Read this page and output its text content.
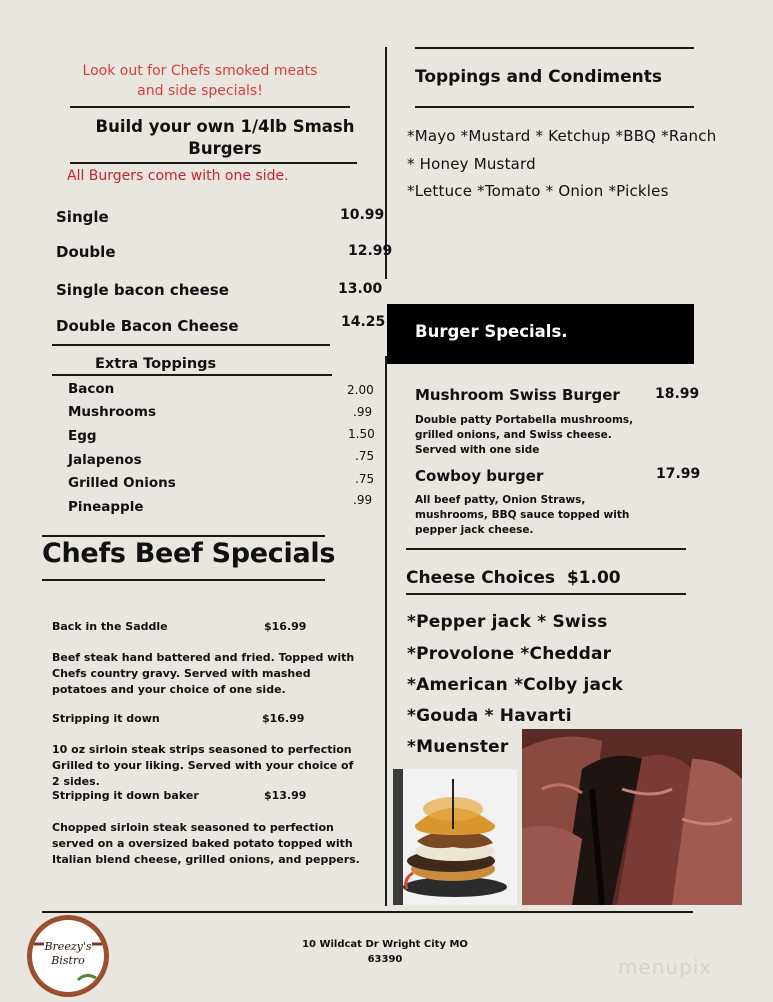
Look out for Chefs smoked meats and side specials!
Build your own 1/4lb Smash Burgers
All Burgers come with one side.
Single	10.99
Double	12.99
Single bacon cheese	13.00
Double Bacon Cheese	14.25
Extra Toppings
Bacon	2.00
Mushrooms	.99
Egg	1.50
Jalapenos	.75
Grilled Onions	.75
Pineapple	.99
Chefs Beef Specials
Back in the Saddle	$16.99
Beef steak hand battered and fried. Topped with Chefs country gravy. Served with mashed potatoes and your choice of one side.
Stripping it down	$16.99
10 oz sirloin steak strips seasoned to perfection Grilled to your liking. Served with your choice of 2 sides.
Stripping it down baker	$13.99
Chopped sirloin steak seasoned to perfection served on a oversized baked potato topped with Italian blend cheese, grilled onions, and peppers.
Toppings and Condiments
*Mayo *Mustard * Ketchup *BBQ *Ranch
* Honey Mustard
*Lettuce *Tomato * Onion *Pickles
Burger Specials.
Mushroom Swiss Burger	18.99
Double patty Portabella mushrooms, grilled onions, and Swiss cheese. Served with one side
Cowboy burger	17.99
All beef patty, Onion Straws, mushrooms, BBQ sauce topped with pepper jack cheese.
Cheese Choices  $1.00
*Pepper jack * Swiss
*Provolone *Cheddar
*American *Colby jack
*Gouda * Havarti
*Muenster
Breezy's Bistro
10 Wildcat Dr Wright City MO
63390	menupix
